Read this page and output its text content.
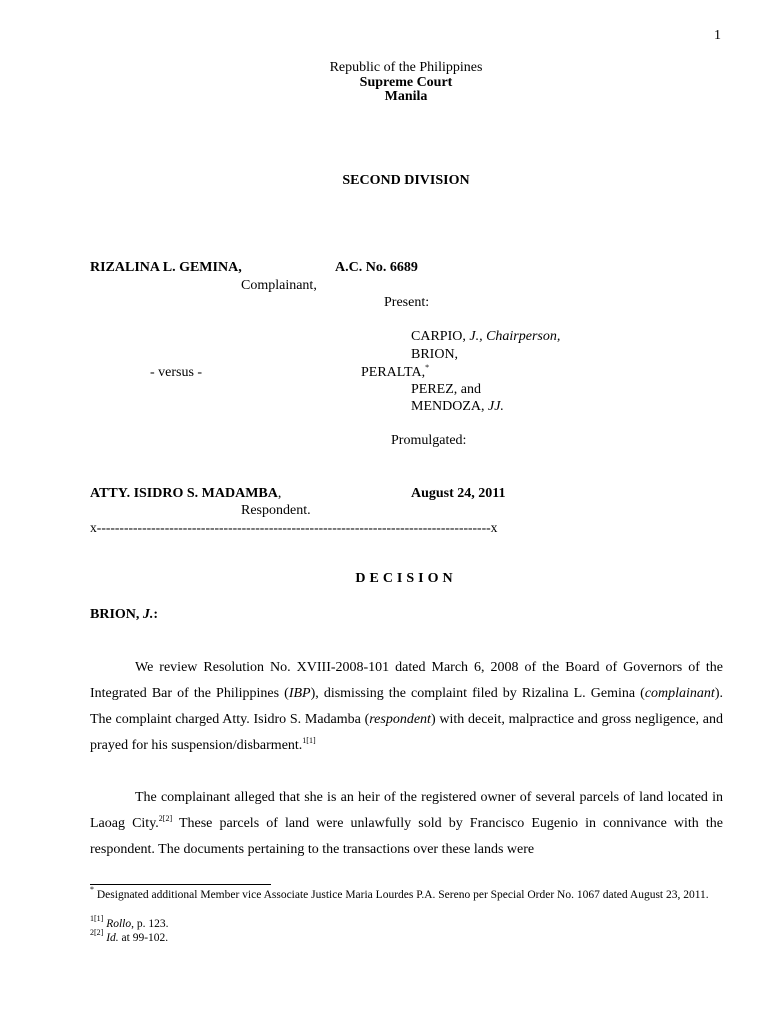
1
Republic of the Philippines
Supreme Court
Manila
SECOND DIVISION
RIZALINA L. GEMINA,	A.C. No. 6689
Complainant,
Present:
CARPIO, J., Chairperson,
BRION,
- versus -	PERALTA,*
PEREZ, and
MENDOZA, JJ.
Promulgated:
ATTY. ISIDRO S. MADAMBA,	August 24, 2011
Respondent.
x---------------------------------------------------------------------------------------x
DECISION
BRION, J.:

We review Resolution No. XVIII-2008-101 dated March 6, 2008 of the Board of Governors of the Integrated Bar of the Philippines (IBP), dismissing the complaint filed by Rizalina L. Gemina (complainant). The complaint charged Atty. Isidro S. Madamba (respondent) with deceit, malpractice and gross negligence, and prayed for his suspension/disbarment.$^{1[1]}$

The complainant alleged that she is an heir of the registered owner of several parcels of land located in Laoag City.$^{2[2]}$ These parcels of land were unlawfully sold by Francisco Eugenio in connivance with the respondent. The documents pertaining to the transactions over these lands were

* Designated additional Member vice Associate Justice Maria Lourdes P.A. Sereno per Special Order No. 1067 dated August 23, 2011.
$^{1[1]}$ Rollo, p. 123.
$^{2[2]}$ Id. at 99-102.
